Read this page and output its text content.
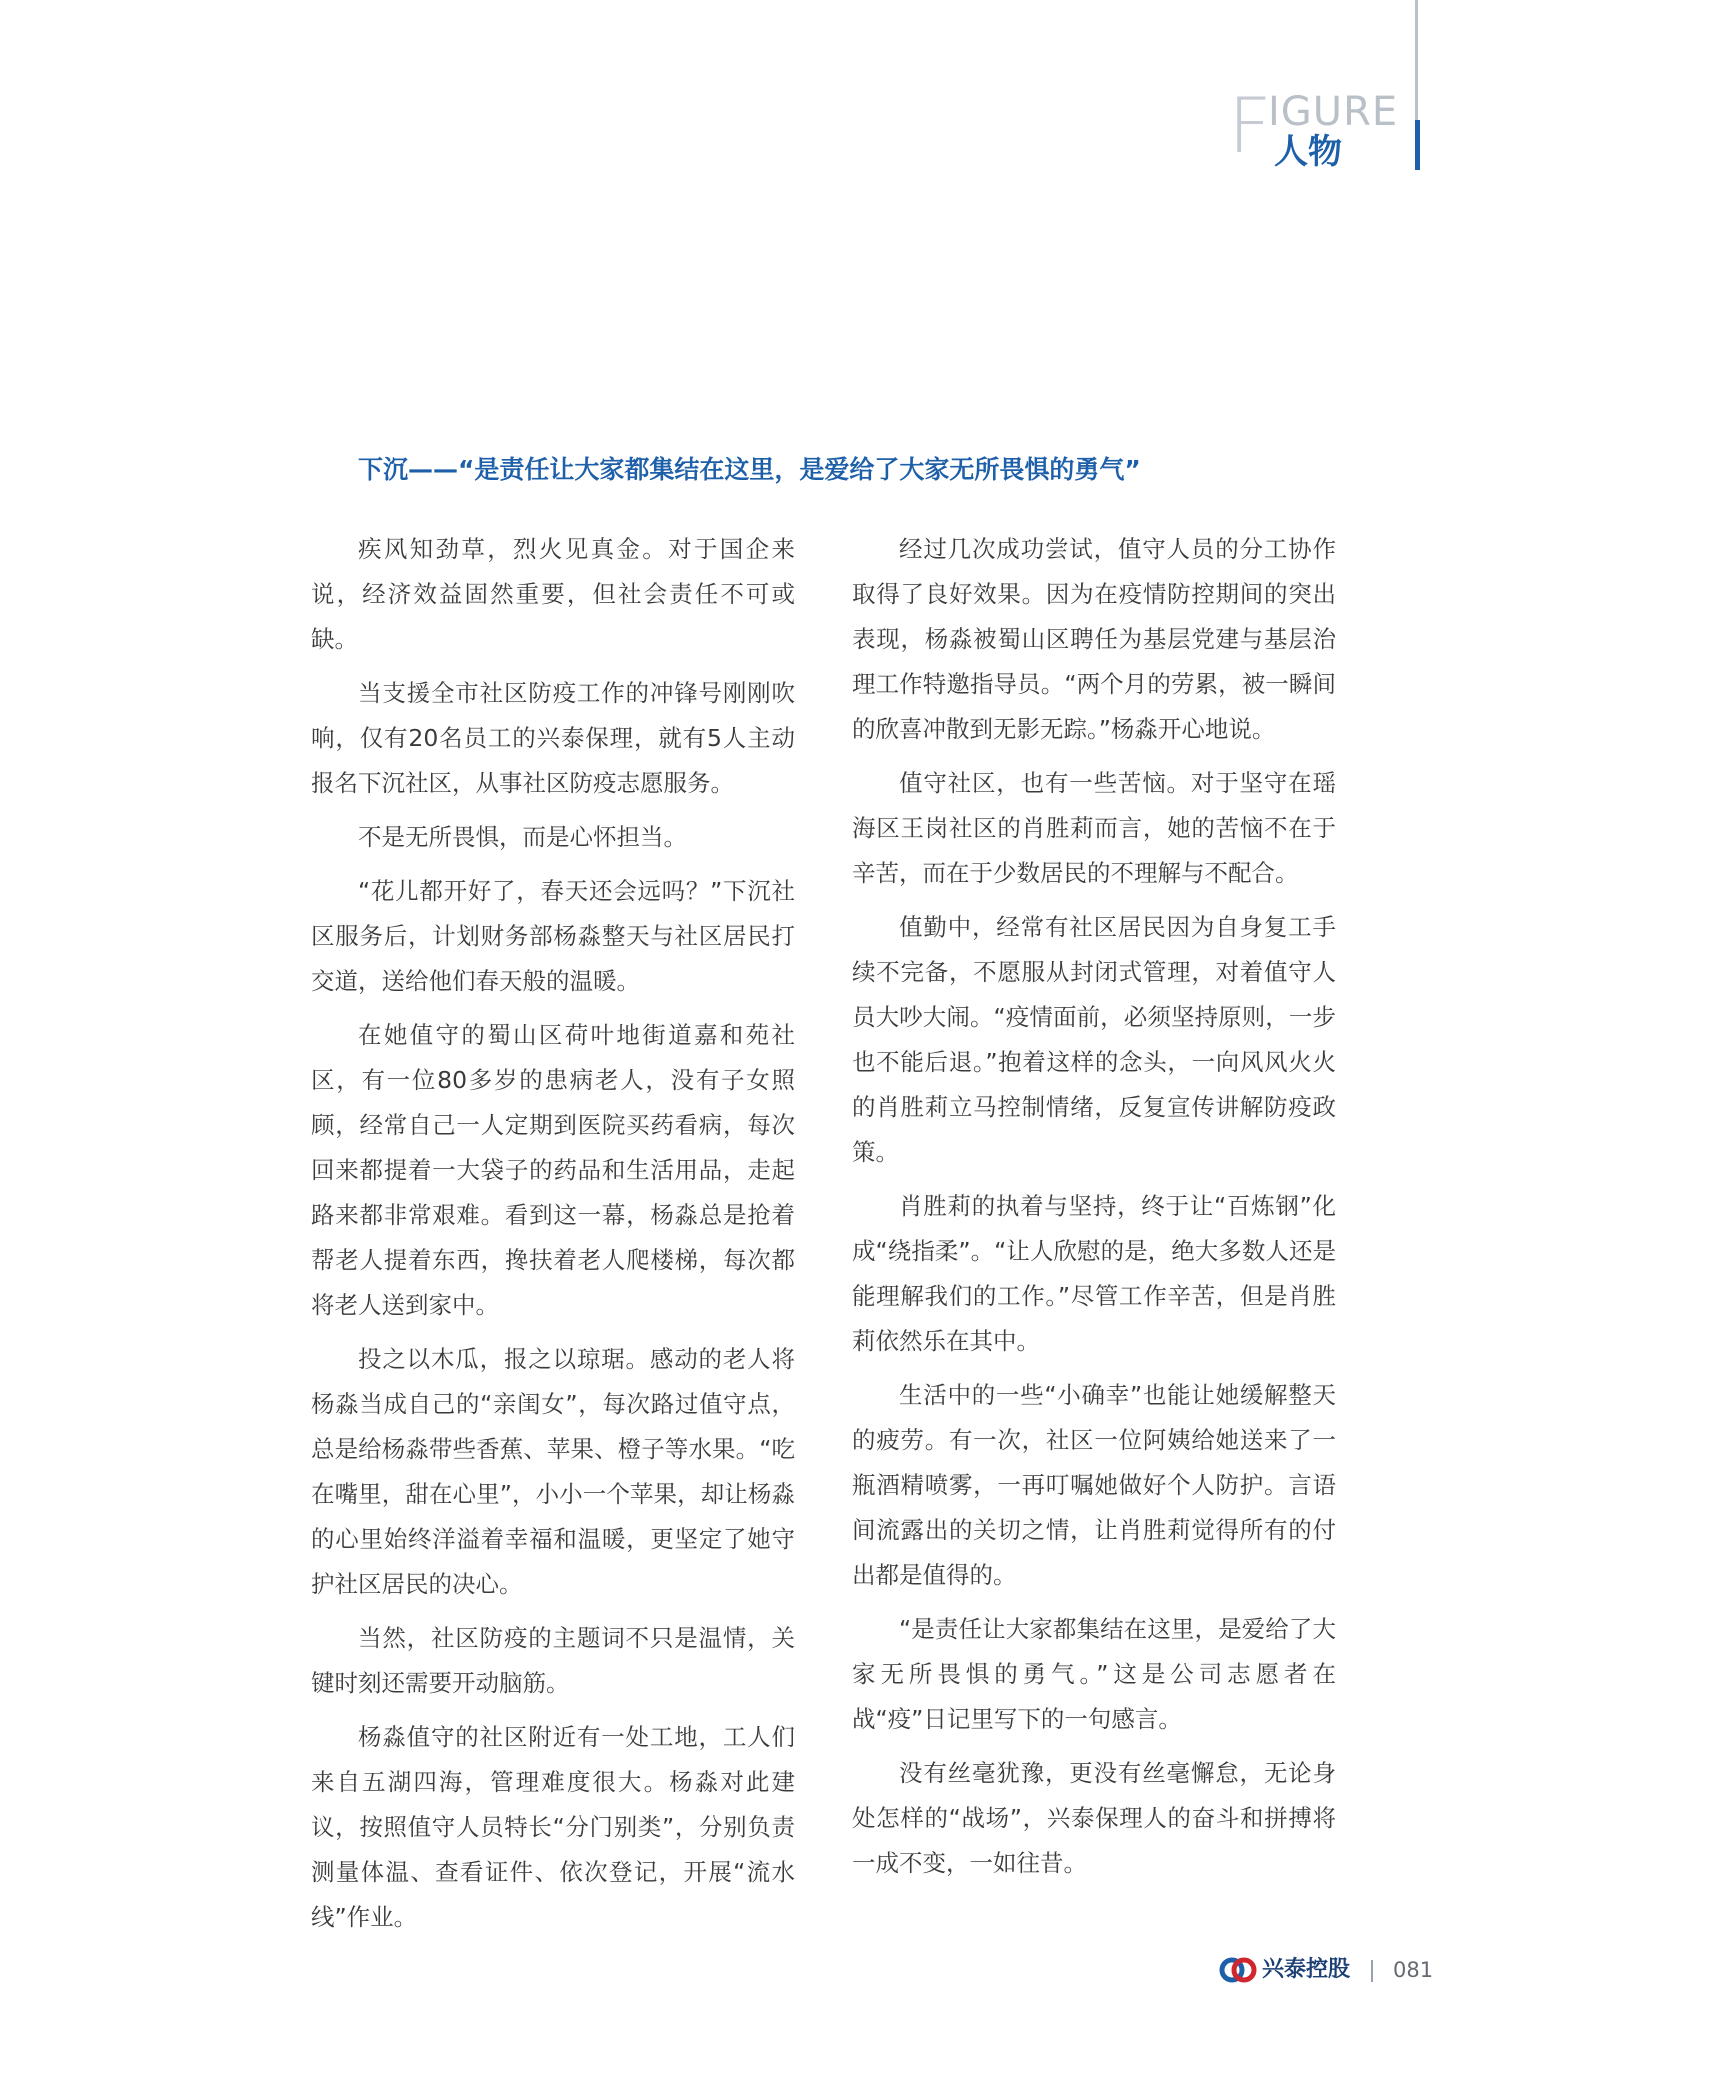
F
IGURE
人物
下沉——“是责任让大家都集结在这里，是爱给了大家无所畏惧的勇气”

疾风知劲草，烈火见真金。对于国企来说，经济效益固然重要，但社会责任不可或缺。

当支援全市社区防疫工作的冲锋号刚刚吹响，仅有20名员工的兴泰保理，就有5人主动报名下沉社区，从事社区防疫志愿服务。

不是无所畏惧，而是心怀担当。

“花儿都开好了，春天还会远吗？”下沉社区服务后，计划财务部杨淼整天与社区居民打交道，送给他们春天般的温暖。

在她值守的蜀山区荷叶地街道嘉和苑社区，有一位80多岁的患病老人，没有子女照顾，经常自己一人定期到医院买药看病，每次回来都提着一大袋子的药品和生活用品，走起路来都非常艰难。看到这一幕，杨淼总是抢着帮老人提着东西，搀扶着老人爬楼梯，每次都将老人送到家中。

投之以木瓜，报之以琼琚。感动的老人将杨淼当成自己的“亲闺女”，每次路过值守点，总是给杨淼带些香蕉、苹果、橙子等水果。“吃在嘴里，甜在心里”，小小一个苹果，却让杨淼的心里始终洋溢着幸福和温暖，更坚定了她守护社区居民的决心。

当然，社区防疫的主题词不只是温情，关键时刻还需要开动脑筋。

杨淼值守的社区附近有一处工地，工人们来自五湖四海，管理难度很大。杨淼对此建议，按照值守人员特长“分门别类”，分别负责测量体温、查看证件、依次登记，开展“流水线”作业。

经过几次成功尝试，值守人员的分工协作取得了良好效果。因为在疫情防控期间的突出表现，杨淼被蜀山区聘任为基层党建与基层治理工作特邀指导员。“两个月的劳累，被一瞬间的欣喜冲散到无影无踪。”杨淼开心地说。

值守社区，也有一些苦恼。对于坚守在瑶海区王岗社区的肖胜莉而言，她的苦恼不在于辛苦，而在于少数居民的不理解与不配合。

值勤中，经常有社区居民因为自身复工手续不完备，不愿服从封闭式管理，对着值守人员大吵大闹。“疫情面前，必须坚持原则，一步也不能后退。”抱着这样的念头，一向风风火火的肖胜莉立马控制情绪，反复宣传讲解防疫政策。

肖胜莉的执着与坚持，终于让“百炼钢”化成“绕指柔”。“让人欣慰的是，绝大多数人还是能理解我们的工作。”尽管工作辛苦，但是肖胜莉依然乐在其中。

生活中的一些“小确幸”也能让她缓解整天的疲劳。有一次，社区一位阿姨给她送来了一瓶酒精喷雾，一再叮嘱她做好个人防护。言语间流露出的关切之情，让肖胜莉觉得所有的付出都是值得的。

“是责任让大家都集结在这里，是爱给了大家无所畏惧的勇气。”这是公司志愿者在战“疫”日记里写下的一句感言。

没有丝毫犹豫，更没有丝毫懈怠，无论身处怎样的“战场”，兴泰保理人的奋斗和拼搏将一成不变，一如往昔。

兴泰控股 081
